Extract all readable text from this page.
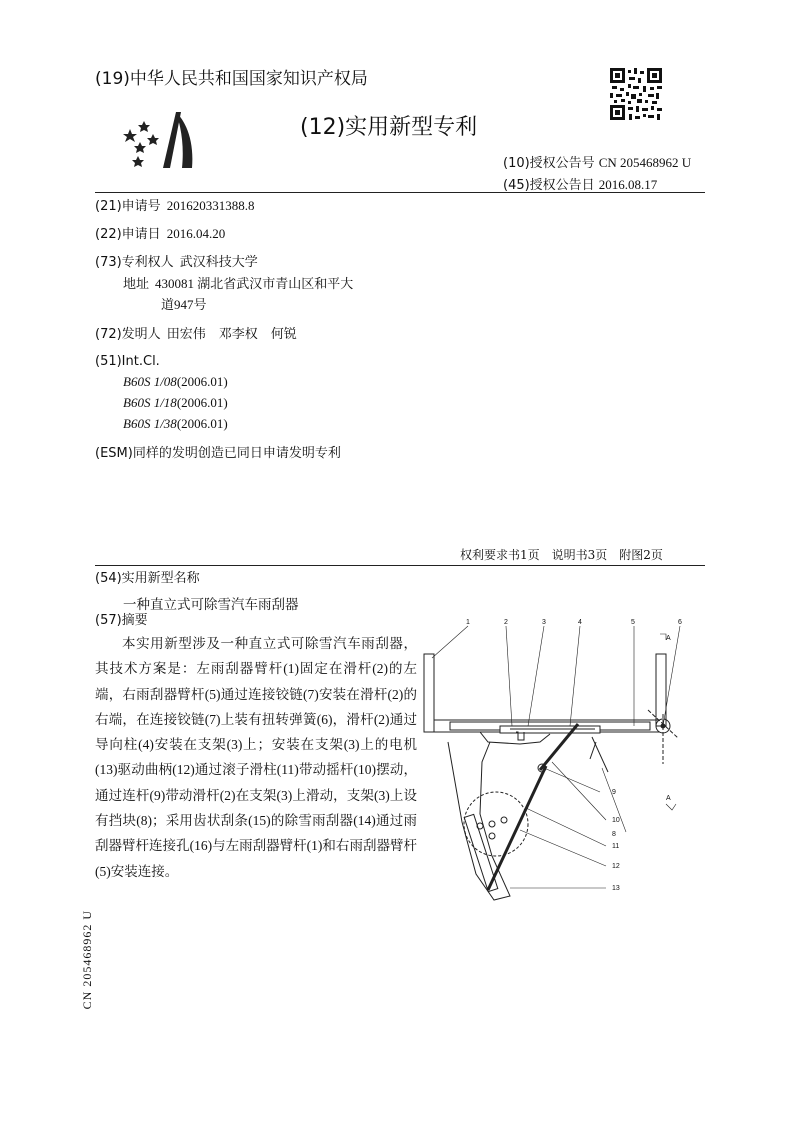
(19)中华人民共和国国家知识产权局
(12)实用新型专利
(10)授权公告号 CN 205468962 U
(45)授权公告日 2016.08.17
(21)申请号 201620331388.8
(22)申请日 2016.04.20
(73)专利权人 武汉科技大学
地址 430081 湖北省武汉市青山区和平大
道947号
(72)发明人 田宏伟　邓李权　何锐
(51)Int.Cl.
B60S 1/08(2006.01)
B60S 1/18(2006.01)
B60S 1/38(2006.01)
(ESM)同样的发明创造已同日申请发明专利
权利要求书1页　说明书3页　附图2页
(54)实用新型名称
一种直立式可除雪汽车雨刮器
(57)摘要
本实用新型涉及一种直立式可除雪汽车雨刮器，其技术方案是：左雨刮器臂杆(1)固定在滑杆(2)的左端，右雨刮器臂杆(5)通过连接铰链(7)安装在滑杆(2)的右端，在连接铰链(7)上装有扭转弹簧(6)，滑杆(2)通过导向柱(4)安装在支架(3)上；安装在支架(3)上的电机(13)驱动曲柄(12)通过滚子滑柱(11)带动摇杆(10)摆动，通过连杆(9)带动滑杆(2)在支架(3)上滑动，支架(3)上设有挡块(8)；采用齿状刮条(15)的除雪雨刮器(14)通过雨刮器臂杆连接孔(16)与左雨刮器臂杆(1)和右雨刮器臂杆(5)安装连接。
1	2	3	4	5	6
8
9
10
11
12
13
A
A
CN 205468962 U
